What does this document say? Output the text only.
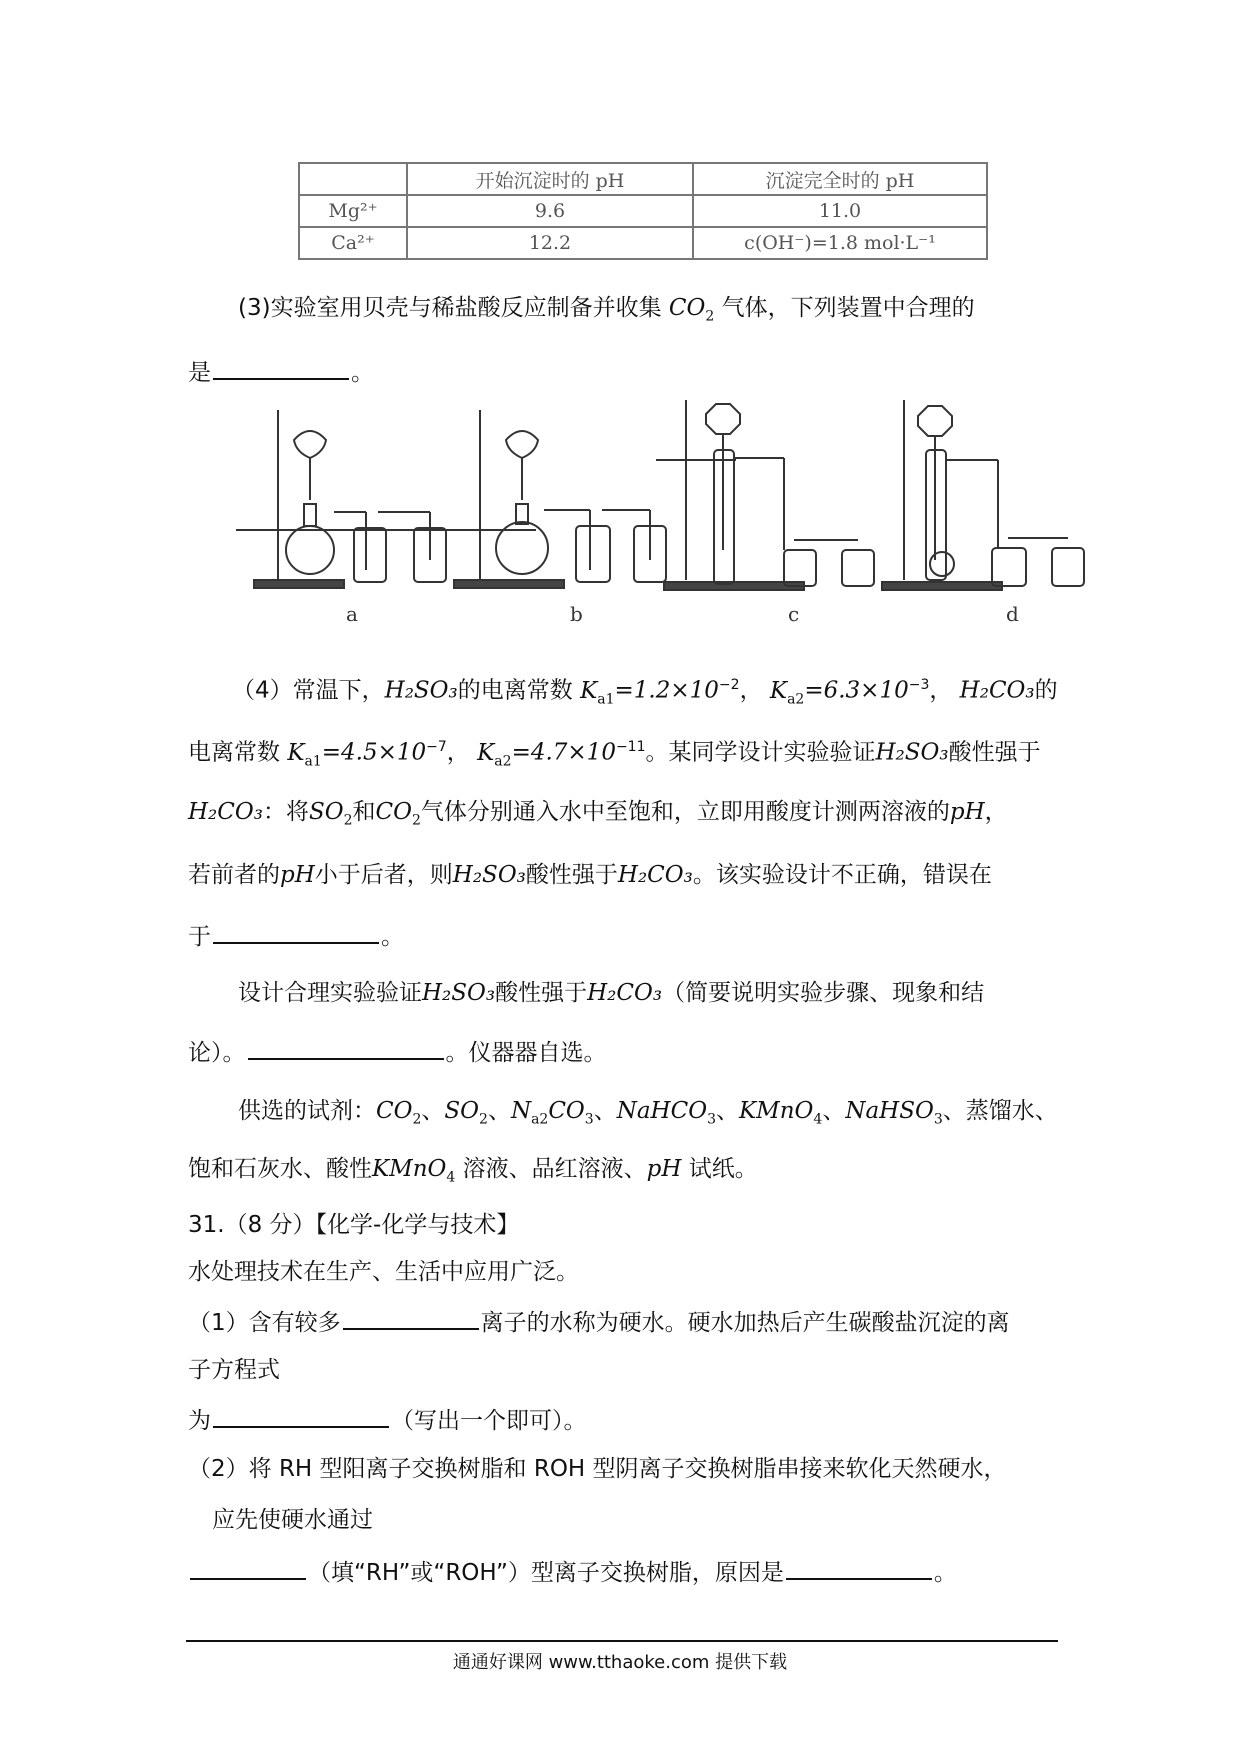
	开始沉淀时的 pH	沉淀完全时的 pH
Mg²⁺	9.6	11.0
Ca²⁺	12.2	c(OH⁻)=1.8 mol·L⁻¹
(3)实验室用贝壳与稀盐酸反应制备并收集 $CO_2$ 气体，下列装置中合理的
是	。
a	b	c	d
（4）常温下，H₂SO₃的电离常数 $K_{a1}=1.2\times 10^{-2}$， $K_{a2}=6.3\times 10^{-3}$， H₂CO₃的
电离常数 $K_{a1}=4.5\times 10^{-7}$， $K_{a2}=4.7\times 10^{-11}$。某同学设计实验验证H₂SO₃酸性强于
H₂CO₃：将$SO_2$和$CO_2$气体分别通入水中至饱和，立即用酸度计测两溶液的pH，
若前者的pH小于后者，则H₂SO₃酸性强于H₂CO₃。该实验设计不正确，错误在
于	。
设计合理实验验证H₂SO₃酸性强于H₂CO₃（简要说明实验步骤、现象和结
论）。	。仪器器自选。
供选的试剂：$CO_2$、$SO_2$、$N_{a2}CO_3$、NaHCO$_3$、KMnO$_4$、NaHSO$_3$、蒸馏水、
饱和石灰水、酸性KMnO$_4$ 溶液、品红溶液、pH 试纸。
31.（8 分）【化学-化学与技术】
水处理技术在生产、生活中应用广泛。
（1）含有较多	离子的水称为硬水。硬水加热后产生碳酸盐沉淀的离
子方程式
为	（写出一个即可）。
（2）将 RH 型阳离子交换树脂和 ROH 型阴离子交换树脂串接来软化天然硬水，
应先使硬水通过
（填“RH”或“ROH”）型离子交换树脂，原因是	。
通通好课网 www.tthaoke.com 提供下载
